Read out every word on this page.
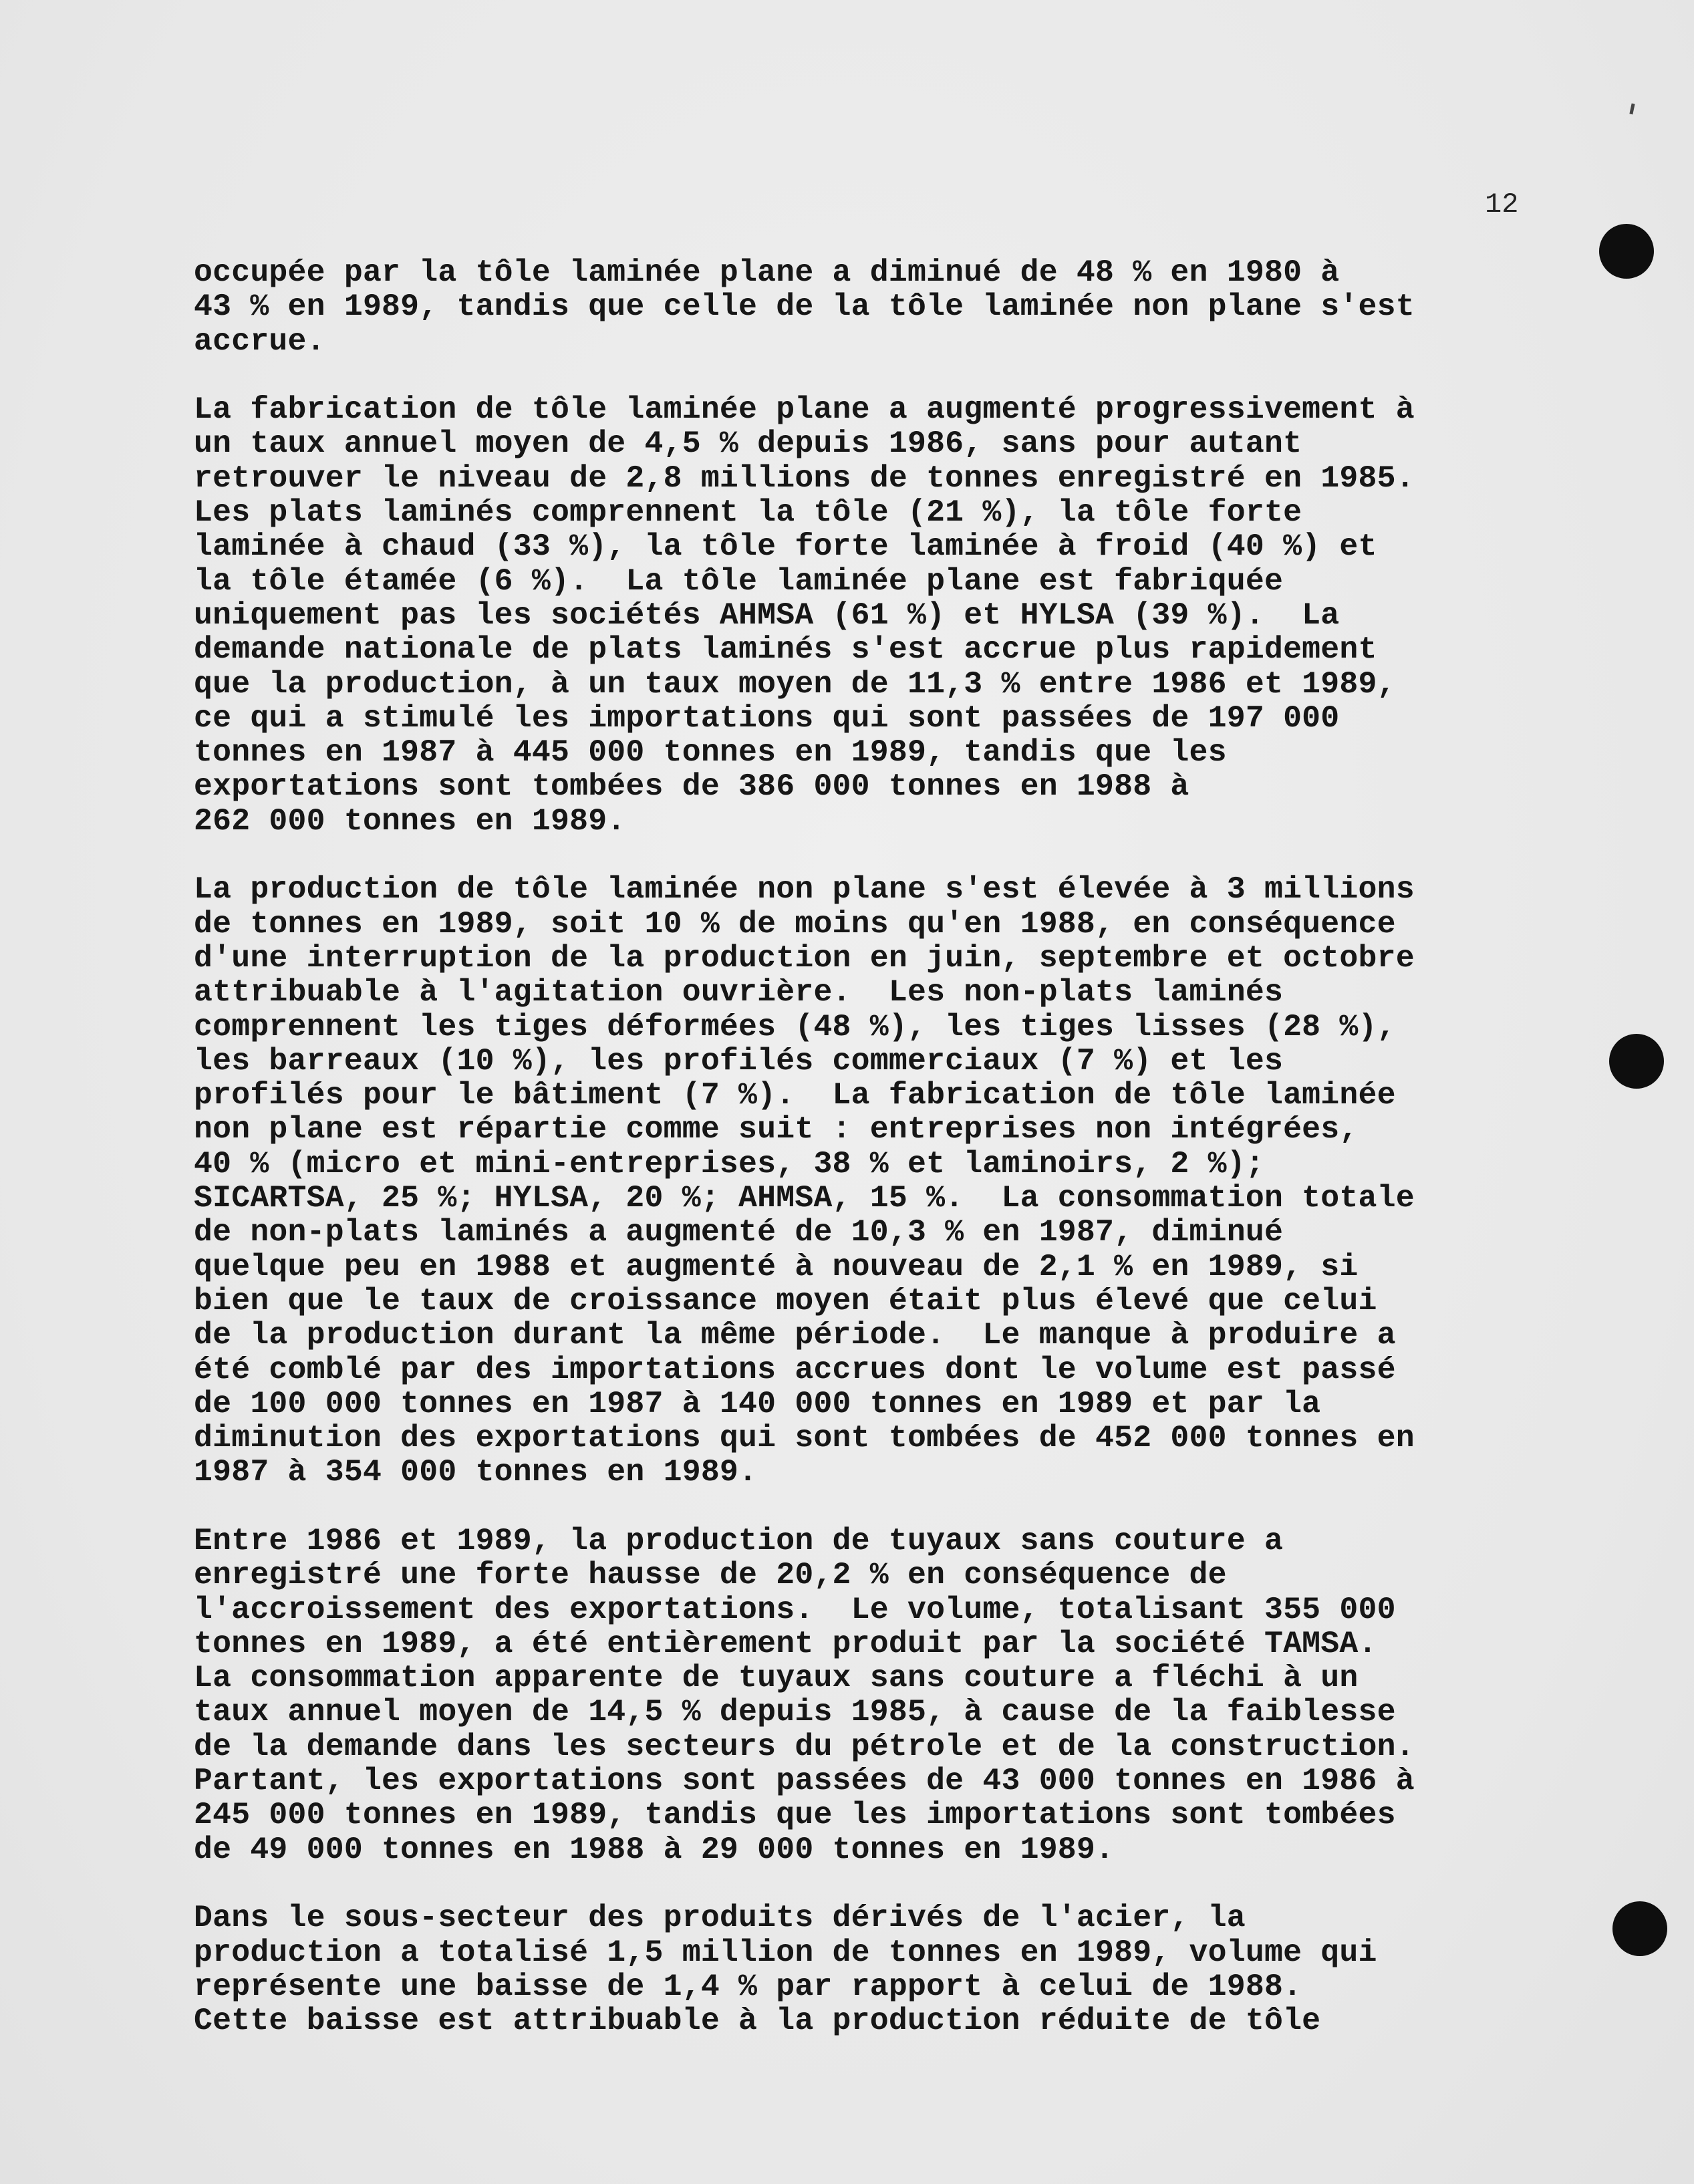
12
occupée par la tôle laminée plane a diminué de 48 % en 1980 à
43 % en 1989, tandis que celle de la tôle laminée non plane s'est
accrue.
La fabrication de tôle laminée plane a augmenté progressivement à
un taux annuel moyen de 4,5 % depuis 1986, sans pour autant
retrouver le niveau de 2,8 millions de tonnes enregistré en 1985.
Les plats laminés comprennent la tôle (21 %), la tôle forte
laminée à chaud (33 %), la tôle forte laminée à froid (40 %) et
la tôle étamée (6 %).  La tôle laminée plane est fabriquée
uniquement pas les sociétés AHMSA (61 %) et HYLSA (39 %).  La
demande nationale de plats laminés s'est accrue plus rapidement
que la production, à un taux moyen de 11,3 % entre 1986 et 1989,
ce qui a stimulé les importations qui sont passées de 197 000
tonnes en 1987 à 445 000 tonnes en 1989, tandis que les
exportations sont tombées de 386 000 tonnes en 1988 à
262 000 tonnes en 1989.
La production de tôle laminée non plane s'est élevée à 3 millions
de tonnes en 1989, soit 10 % de moins qu'en 1988, en conséquence
d'une interruption de la production en juin, septembre et octobre
attribuable à l'agitation ouvrière.  Les non-plats laminés
comprennent les tiges déformées (48 %), les tiges lisses (28 %),
les barreaux (10 %), les profilés commerciaux (7 %) et les
profilés pour le bâtiment (7 %).  La fabrication de tôle laminée
non plane est répartie comme suit : entreprises non intégrées,
40 % (micro et mini-entreprises, 38 % et laminoirs, 2 %);
SICARTSA, 25 %; HYLSA, 20 %; AHMSA, 15 %.  La consommation totale
de non-plats laminés a augmenté de 10,3 % en 1987, diminué
quelque peu en 1988 et augmenté à nouveau de 2,1 % en 1989, si
bien que le taux de croissance moyen était plus élevé que celui
de la production durant la même période.  Le manque à produire a
été comblé par des importations accrues dont le volume est passé
de 100 000 tonnes en 1987 à 140 000 tonnes en 1989 et par la
diminution des exportations qui sont tombées de 452 000 tonnes en
1987 à 354 000 tonnes en 1989.
Entre 1986 et 1989, la production de tuyaux sans couture a
enregistré une forte hausse de 20,2 % en conséquence de
l'accroissement des exportations.  Le volume, totalisant 355 000
tonnes en 1989, a été entièrement produit par la société TAMSA.
La consommation apparente de tuyaux sans couture a fléchi à un
taux annuel moyen de 14,5 % depuis 1985, à cause de la faiblesse
de la demande dans les secteurs du pétrole et de la construction.
Partant, les exportations sont passées de 43 000 tonnes en 1986 à
245 000 tonnes en 1989, tandis que les importations sont tombées
de 49 000 tonnes en 1988 à 29 000 tonnes en 1989.
Dans le sous-secteur des produits dérivés de l'acier, la
production a totalisé 1,5 million de tonnes en 1989, volume qui
représente une baisse de 1,4 % par rapport à celui de 1988.
Cette baisse est attribuable à la production réduite de tôle
